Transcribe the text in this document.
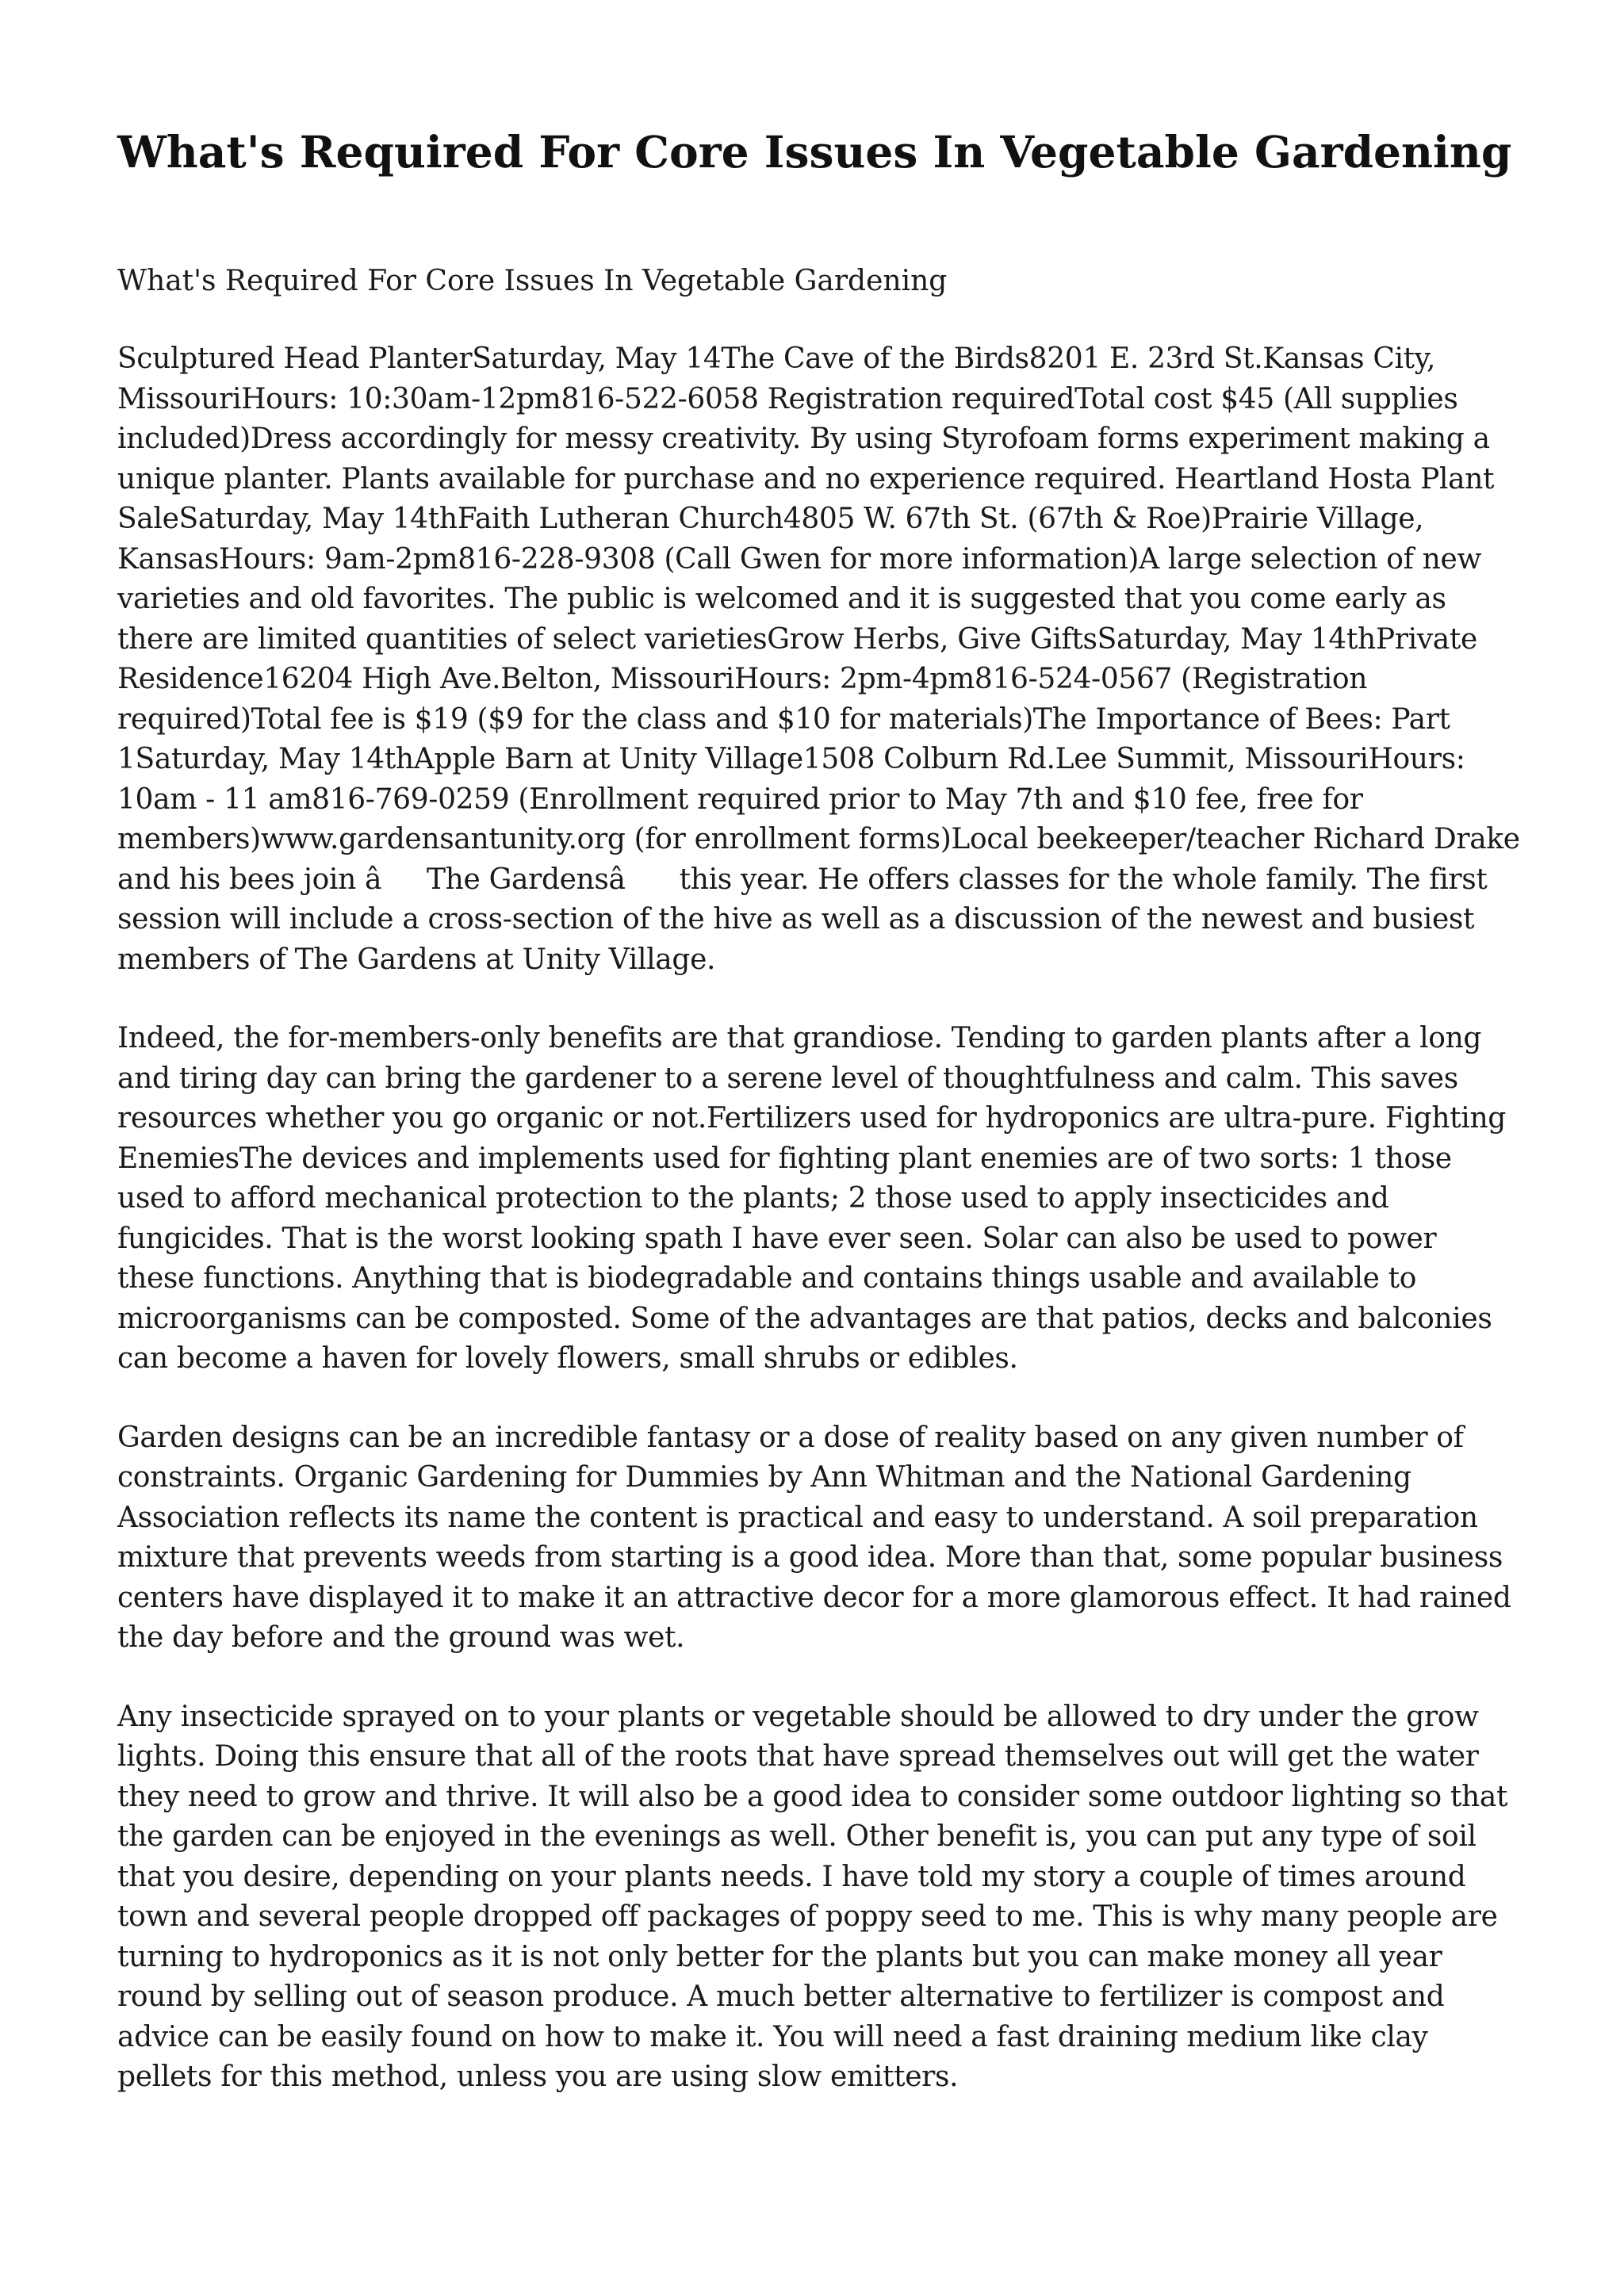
What's Required For Core Issues In Vegetable Gardening

What's Required For Core Issues In Vegetable Gardening

Sculptured Head PlanterSaturday, May 14The Cave of the Birds8201 E. 23rd St.Kansas City, MissouriHours: 10:30am-12pm816-522-6058 Registration requiredTotal cost $45 (All supplies included)Dress accordingly for messy creativity. By using Styrofoam forms experiment making a unique planter. Plants available for purchase and no experience required. Heartland Hosta Plant SaleSaturday, May 14thFaith Lutheran Church4805 W. 67th St. (67th & Roe)Prairie Village, KansasHours: 9am-2pm816-228-9308 (Call Gwen for more information)A large selection of new varieties and old favorites. The public is welcomed and it is suggested that you come early as there are limited quantities of select varietiesGrow Herbs, Give GiftsSaturday, May 14thPrivate Residence16204 High Ave.Belton, MissouriHours: 2pm-4pm816-524-0567 (Registration required)Total fee is $19 ($9 for the class and $10 for materials)The Importance of Bees: Part 1Saturday, May 14thApple Barn at Unity Village1508 Colburn Rd.Lee Summit, MissouriHours: 10am - 11 am816-769-0259 (Enrollment required prior to May 7th and $10 fee, free for members)www.gardensantunity.org (for enrollment forms)Local beekeeper/teacher Richard Drake and his bees join âThe Gardensâ this year. He offers classes for the whole family. The first session will include a cross-section of the hive as well as a discussion of the newest and busiest members of The Gardens at Unity Village.

Indeed, the for-members-only benefits are that grandiose. Tending to garden plants after a long and tiring day can bring the gardener to a serene level of thoughtfulness and calm. This saves resources whether you go organic or not.Fertilizers used for hydroponics are ultra-pure. Fighting EnemiesThe devices and implements used for fighting plant enemies are of two sorts: 1 those used to afford mechanical protection to the plants; 2 those used to apply insecticides and fungicides. That is the worst looking spath I have ever seen. Solar can also be used to power these functions. Anything that is biodegradable and contains things usable and available to microorganisms can be composted. Some of the advantages are that patios, decks and balconies can become a haven for lovely flowers, small shrubs or edibles.

Garden designs can be an incredible fantasy or a dose of reality based on any given number of constraints. Organic Gardening for Dummies by Ann Whitman and the National Gardening Association reflects its name the content is practical and easy to understand. A soil preparation mixture that prevents weeds from starting is a good idea. More than that, some popular business centers have displayed it to make it an attractive decor for a more glamorous effect. It had rained the day before and the ground was wet.

Any insecticide sprayed on to your plants or vegetable should be allowed to dry under the grow lights. Doing this ensure that all of the roots that have spread themselves out will get the water they need to grow and thrive. It will also be a good idea to consider some outdoor lighting so that the garden can be enjoyed in the evenings as well. Other benefit is, you can put any type of soil that you desire, depending on your plants needs. I have told my story a couple of times around town and several people dropped off packages of poppy seed to me. This is why many people are turning to hydroponics as it is not only better for the plants but you can make money all year round by selling out of season produce. A much better alternative to fertilizer is compost and advice can be easily found on how to make it. You will need a fast draining medium like clay pellets for this method, unless you are using slow emitters.
